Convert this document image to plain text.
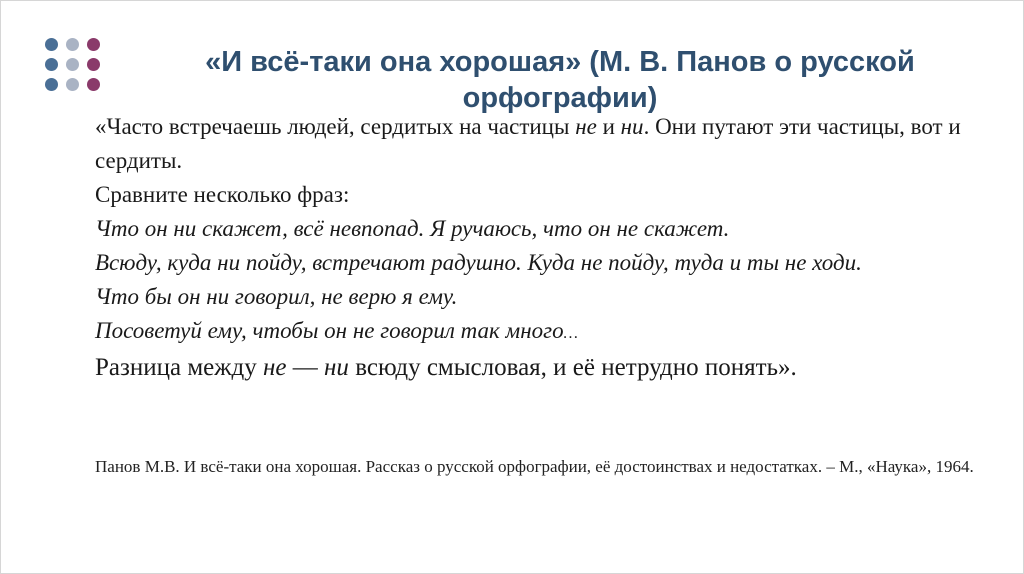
«И всё-таки она хорошая» (М. В. Панов о русской орфографии)

«Часто встречаешь людей, сердитых на частицы не и ни. Они путают эти частицы, вот и сердиты.

Сравните несколько фраз:

Что он ни скажет, всё невпопад. Я ручаюсь, что он не скажет.

Всюду, куда ни пойду, встречают радушно. Куда не пойду, туда и ты не ходи.

Что бы он ни говорил, не верю я ему.

Посоветуй ему, чтобы он не говорил так много…

Разница между не — ни всюду смысловая, и её нетрудно понять».

Панов М.В. И всё-таки она хорошая. Рассказ о русской орфографии, её достоинствах и недостатках. – М., «Наука», 1964.
